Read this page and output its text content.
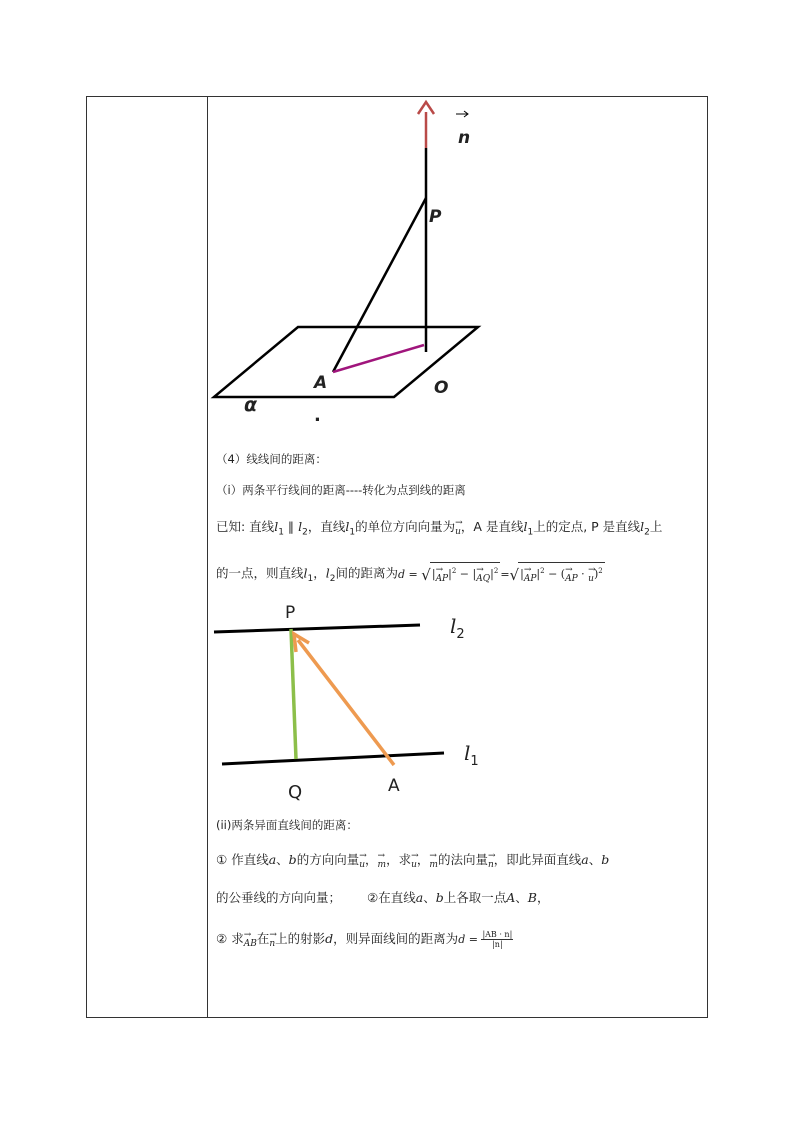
n
P
A	O
α	.
（4）线线间的距离：
（i）两条平行线间的距离----转化为点到线的距离
已知: 直线$l_1$ ∥ $l_2$，直线$l_1$的单位方向向量为→ u，A 是直线$l_1$上的定点, P 是直线$l_2$上
的一点，则直线$l_1$，$l_2$间的距离为d = √|→ $AP|^2$ − |→ $AQ|^2$ =√|→ $AP|^2$ − (→ AP · → u)$^2$
P
$l_2$
$l_1$
Q	A
(ii)两条异面直线间的距离：
① 作直线a、b的方向向量→ u，→ m，求→ u，→ m的法向量→ n，即此异面直线a、b
的公垂线的方向向量； ②在直线a、b上各取一点A、B，
② 求→ AB在→ n上的射影d，则异面线间的距离为$d = \frac{|AB \cdot n|}{|n|}$
